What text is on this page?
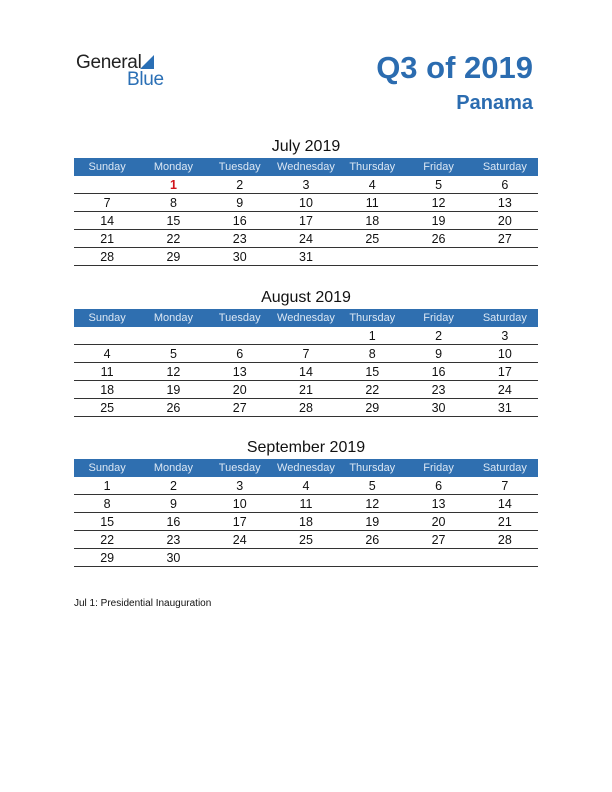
General
Blue	Q3 of 2019
Panama
July 2019
Sunday	Monday	Tuesday	Wednesday	Thursday	Friday	Saturday
	1	2	3	4	5	6
7	8	9	10	11	12	13
14	15	16	17	18	19	20
21	22	23	24	25	26	27
28	29	30	31			
August 2019
Sunday	Monday	Tuesday	Wednesday	Thursday	Friday	Saturday
				1	2	3
4	5	6	7	8	9	10
11	12	13	14	15	16	17
18	19	20	21	22	23	24
25	26	27	28	29	30	31
September 2019
Sunday	Monday	Tuesday	Wednesday	Thursday	Friday	Saturday
1	2	3	4	5	6	7
8	9	10	11	12	13	14
15	16	17	18	19	20	21
22	23	24	25	26	27	28
29	30					
Jul 1: Presidential Inauguration
